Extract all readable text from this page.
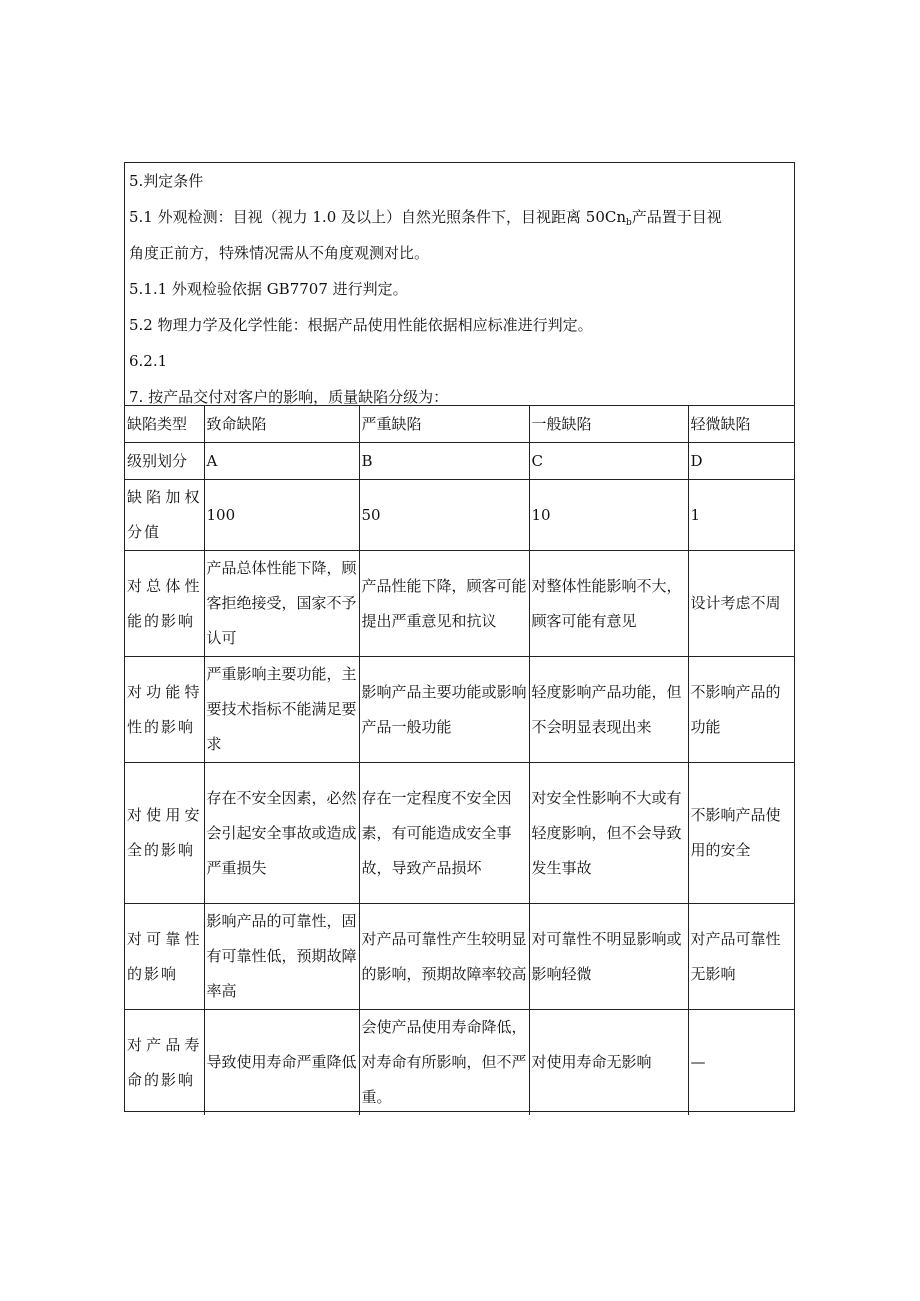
5.判定条件

5.1 外观检测：目视（视力 1.0 及以上）自然光照条件下，目视距离 $50Cn_b$产品置于目视

角度正前方，特殊情况需从不角度观测对比。

5.1.1 外观检验依据 GB7707 进行判定。

5.2 物理力学及化学性能：根据产品使用性能依据相应标准进行判定。

6.2.1

7. 按产品交付对客户的影响，质量缺陷分级为：

缺陷类型	致命缺陷	严重缺陷	一般缺陷	轻微缺陷
级别划分	A	B	C	D
缺陷加权分值	100	50	10	1
对总体性能的影响	产品总体性能下降，顾客拒绝接受，国家不予认可	产品性能下降，顾客可能提出严重意见和抗议	对整体性能影响不大，顾客可能有意见	设计考虑不周
对功能特性的影响	严重影响主要功能，主要技术指标不能满足要求	影响产品主要功能或影响产品一般功能	轻度影响产品功能，但不会明显表现出来	不影响产品的功能
对使用安全的影响	存在不安全因素，必然会引起安全事故或造成严重损失	存在一定程度不安全因素，有可能造成安全事故，导致产品损坏	对安全性影响不大或有轻度影响，但不会导致发生事故	不影响产品使用的安全
对可靠性的影响	影响产品的可靠性，固有可靠性低，预期故障率高	对产品可靠性产生较明显的影响，预期故障率较高	对可靠性不明显影响或影响轻微	对产品可靠性无影响
对产品寿命的影响	导致使用寿命严重降低	会使产品使用寿命降低，对寿命有所影响，但不严重。	对使用寿命无影响	—
